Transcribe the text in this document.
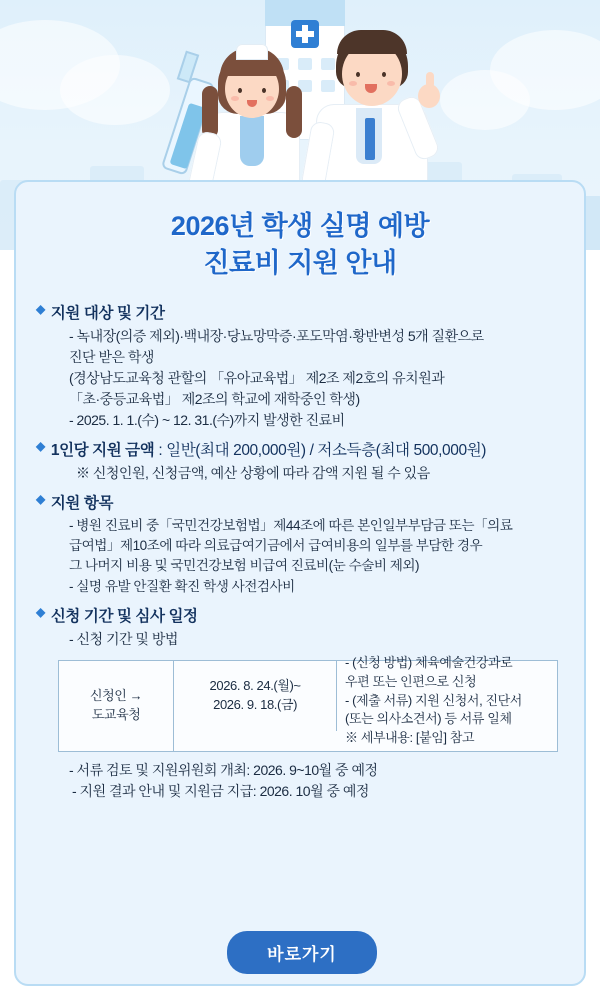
2026년 학생 실명 예방
진료비 지원 안내
◆ 지원 대상 및 기간
- 녹내장(의증 제외)·백내장·당뇨망막증·포도막염·황반변성 5개 질환으로
진단 받은 학생
(경상남도교육청 관할의 「유아교육법」 제2조 제2호의 유치원과
「초·중등교육법」 제2조의 학교에 재학중인 학생)
- 2025. 1. 1.(수) ~ 12. 31.(수)까지 발생한 진료비
◆ 1인당 지원 금액 : 일반(최대 200,000원) / 저소득층(최대 500,000원)
※ 신청인원, 신청금액, 예산 상황에 따라 감액 지원 될 수 있음
◆ 지원 항목
- 병원 진료비 중「국민건강보험법」제44조에 따른 본인일부부담금 또는「의료
급여법」제10조에 따라 의료급여기금에서 급여비용의 일부를 부담한 경우
그 나머지 비용 및 국민건강보험 비급여 진료비(눈 수술비 제외)
- 실명 유발 안질환 확진 학생 사전검사비
◆ 신청 기간 및 심사 일정
- 신청 기간 및 방법
신청인 →
도교육청
2026. 8. 24.(월)~
2026. 9. 18.(금)
- (신청 방법) 체육예술건강과로
우편 또는 인편으로 신청
- (제출 서류) 지원 신청서, 진단서
(또는 의사소견서) 등 서류 일체
※ 세부내용: [붙임] 참고
- 서류 검토 및 지원위원회 개최: 2026. 9~10월 중 예정
- 지원 결과 안내 및 지원금 지급: 2026. 10월 중 예정
바로가기
